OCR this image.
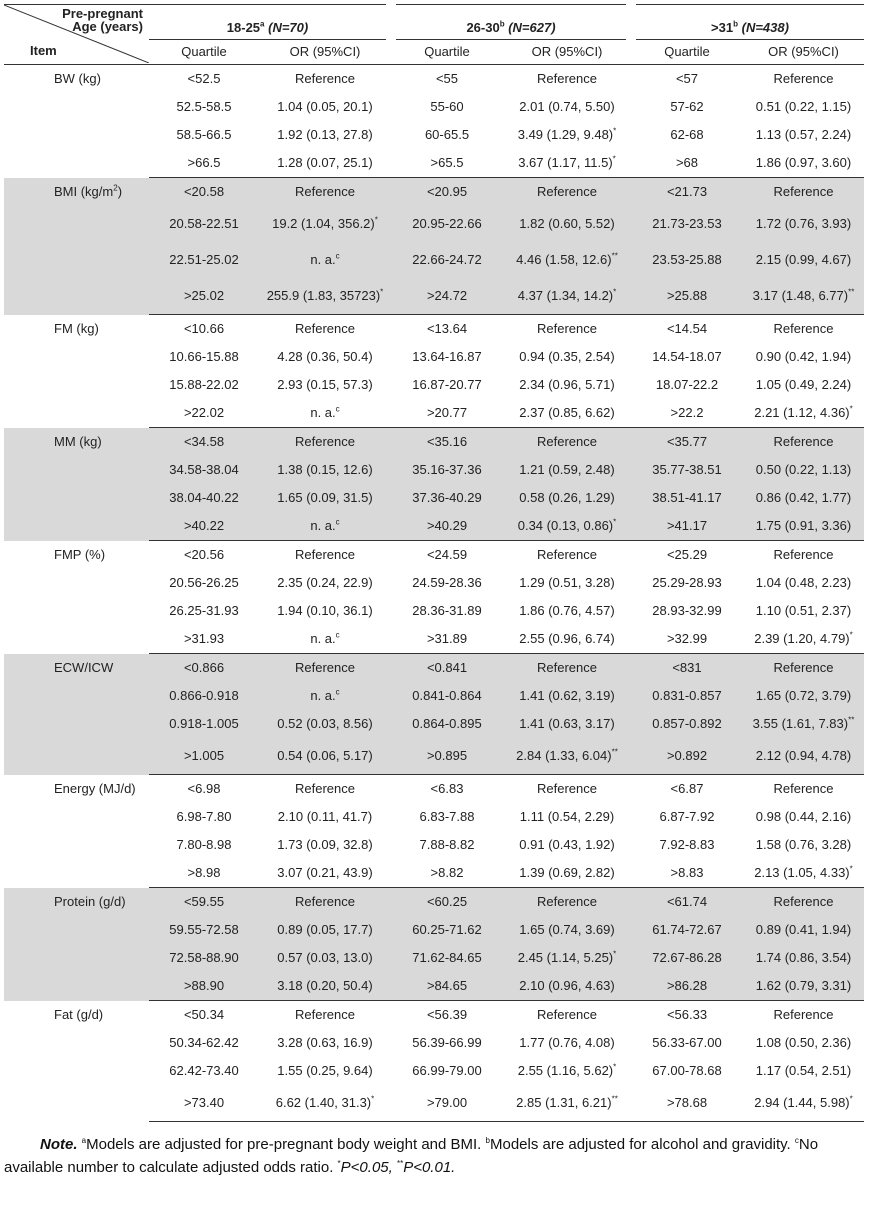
Pre-pregnant
Age (years)
Item	18-25$^a$ (N=70)		26-30$^b$ (N=627)		$>31^b$ (N=438)	
	Quartile	OR (95%CI)	Quartile	OR (95%CI)	Quartile	OR (95%CI)
BW (kg)	<52.5	Reference	<55	Reference	<57	Reference
	52.5-58.5	1.04 (0.05, 20.1)	55-60	2.01 (0.74, 5.50)	57-62	0.51 (0.22, 1.15)
	58.5-66.5	1.92 (0.13, 27.8)	60-65.5	3.49 (1.29, 9.48)*	62-68	1.13 (0.57, 2.24)
	>66.5	1.28 (0.07, 25.1)	>65.5	3.67 (1.17, 11.5)*	>68	1.86 (0.97, 3.60)
BMI $(kg/m^2)$	<20.58	Reference	<20.95	Reference	<21.73	Reference
	20.58-22.51	19.2 (1.04, 356.2)*	20.95-22.66	1.82 (0.60, 5.52)	21.73-23.53	1.72 (0.76, 3.93)
	22.51-25.02	n. a.$^c$	22.66-24.72	4.46 (1.58, 12.6)**	23.53-25.88	2.15 (0.99, 4.67)
	>25.02	255.9 (1.83, 35723)*	>24.72	4.37 (1.34, 14.2)*	>25.88	3.17 (1.48, 6.77)**
FM (kg)	<10.66	Reference	<13.64	Reference	<14.54	Reference
	10.66-15.88	4.28 (0.36, 50.4)	13.64-16.87	0.94 (0.35, 2.54)	14.54-18.07	0.90 (0.42, 1.94)
	15.88-22.02	2.93 (0.15, 57.3)	16.87-20.77	2.34 (0.96, 5.71)	18.07-22.2	1.05 (0.49, 2.24)
	>22.02	n. a.$^c$	>20.77	2.37 (0.85, 6.62)	>22.2	2.21 (1.12, 4.36)*
MM (kg)	<34.58	Reference	<35.16	Reference	<35.77	Reference
	34.58-38.04	1.38 (0.15, 12.6)	35.16-37.36	1.21 (0.59, 2.48)	35.77-38.51	0.50 (0.22, 1.13)
	38.04-40.22	1.65 (0.09, 31.5)	37.36-40.29	0.58 (0.26, 1.29)	38.51-41.17	0.86 (0.42, 1.77)
	>40.22	n. a.$^c$	>40.29	0.34 (0.13, 0.86)*	>41.17	1.75 (0.91, 3.36)
FMP (%)	<20.56	Reference	<24.59	Reference	<25.29	Reference
	20.56-26.25	2.35 (0.24, 22.9)	24.59-28.36	1.29 (0.51, 3.28)	25.29-28.93	1.04 (0.48, 2.23)
	26.25-31.93	1.94 (0.10, 36.1)	28.36-31.89	1.86 (0.76, 4.57)	28.93-32.99	1.10 (0.51, 2.37)
	>31.93	n. a.$^c$	>31.89	2.55 (0.96, 6.74)	>32.99	2.39 (1.20, 4.79)*
ECW/ICW	<0.866	Reference	<0.841	Reference	<831	Reference
	0.866-0.918	n. a.$^c$	0.841-0.864	1.41 (0.62, 3.19)	0.831-0.857	1.65 (0.72, 3.79)
	0.918-1.005	0.52 (0.03, 8.56)	0.864-0.895	1.41 (0.63, 3.17)	0.857-0.892	3.55 (1.61, 7.83)**
	>1.005	0.54 (0.06, 5.17)	>0.895	2.84 (1.33, 6.04)**	>0.892	2.12 (0.94, 4.78)
Energy (MJ/d)	<6.98	Reference	<6.83	Reference	<6.87	Reference
	6.98-7.80	2.10 (0.11, 41.7)	6.83-7.88	1.11 (0.54, 2.29)	6.87-7.92	0.98 (0.44, 2.16)
	7.80-8.98	1.73 (0.09, 32.8)	7.88-8.82	0.91 (0.43, 1.92)	7.92-8.83	1.58 (0.76, 3.28)
	>8.98	3.07 (0.21, 43.9)	>8.82	1.39 (0.69, 2.82)	>8.83	2.13 (1.05, 4.33)*
Protein (g/d)	<59.55	Reference	<60.25	Reference	<61.74	Reference
	59.55-72.58	0.89 (0.05, 17.7)	60.25-71.62	1.65 (0.74, 3.69)	61.74-72.67	0.89 (0.41, 1.94)
	72.58-88.90	0.57 (0.03, 13.0)	71.62-84.65	2.45 (1.14, 5.25)*	72.67-86.28	1.74 (0.86, 3.54)
	>88.90	3.18 (0.20, 50.4)	>84.65	2.10 (0.96, 4.63)	>86.28	1.62 (0.79, 3.31)
Fat (g/d)	<50.34	Reference	<56.39	Reference	<56.33	Reference
	50.34-62.42	3.28 (0.63, 16.9)	56.39-66.99	1.77 (0.76, 4.08)	56.33-67.00	1.08 (0.50, 2.36)
	62.42-73.40	1.55 (0.25, 9.64)	66.99-79.00	2.55 (1.16, 5.62)*	67.00-78.68	1.17 (0.54, 2.51)
	>73.40	6.62 (1.40, 31.3)*	>79.00	2.85 (1.31, 6.21)**	>78.68	2.94 (1.44, 5.98)*
Note. $^a$Models are adjusted for pre-pregnant body weight and BMI. $^b$Models are adjusted for alcohol and gravidity. $^c$No available number to calculate adjusted odds ratio. *P<0.05, **P<0.01.
